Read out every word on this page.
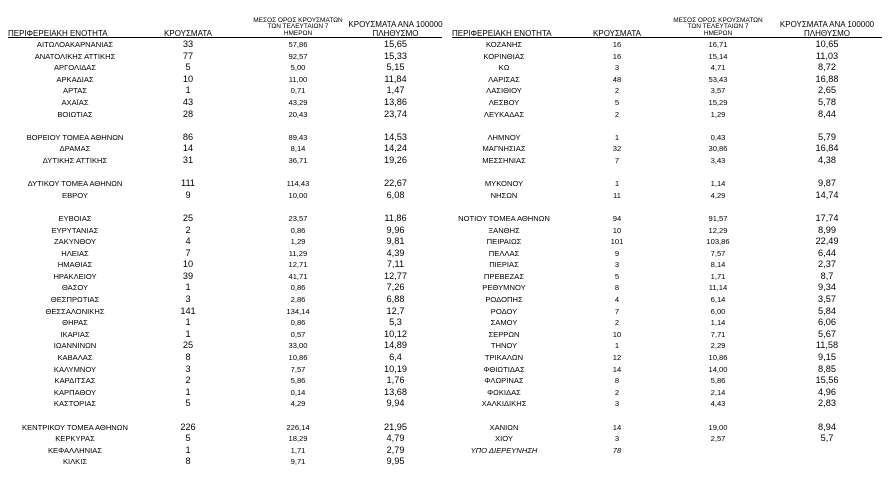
ΠΕΡΙΦΕΡΕΙΑΚΗ ΕΝΟΤΗΤΑ	ΚΡΟΥΣΜΑΤΑ
ΜΕΣΟΣ ΟΡΟΣ ΚΡΟΥΣΜΑΤΩΝ
ΤΩΝ ΤΕΛΕΥΤΑΙΩΝ 7
ΗΜΕΡΩΝ
ΚΡΟΥΣΜΑΤΑ ΑΝΑ 100000
ΠΛΗΘΥΣΜΟ
ΑΙΤΩΛΟΑΚΑΡΝΑΝΙΑΣ	33	57,86	15,65
ΑΝΑΤΟΛΙΚΗΣ ΑΤΤΙΚΗΣ	77	92,57	15,33
ΑΡΓΟΛΙΔΑΣ	5	5,00	5,15
ΑΡΚΑΔΙΑΣ	10	11,00	11,84
ΑΡΤΑΣ	1	0,71	1,47
ΑΧΑΪΑΣ	43	43,29	13,86
ΒΟΙΩΤΙΑΣ	28	20,43	23,74
ΒΟΡΕΙΟΥ ΤΟΜΕΑ ΑΘΗΝΩΝ	86	89,43	14,53
ΔΡΑΜΑΣ	14	8,14	14,24
ΔΥΤΙΚΗΣ ΑΤΤΙΚΗΣ	31	36,71	19,26
ΔΥΤΙΚΟΥ ΤΟΜΕΑ ΑΘΗΝΩΝ	111	114,43	22,67
ΕΒΡΟΥ	9	10,00	6,08
ΕΥΒΟΙΑΣ	25	23,57	11,86
ΕΥΡΥΤΑΝΙΑΣ	2	0,86	9,96
ΖΑΚΥΝΘΟΥ	4	1,29	9,81
ΗΛΕΙΑΣ	7	11,29	4,39
ΗΜΑΘΙΑΣ	10	12,71	7,11
ΗΡΑΚΛΕΙΟΥ	39	41,71	12,77
ΘΑΣΟΥ	1	0,86	7,26
ΘΕΣΠΡΩΤΙΑΣ	3	2,86	6,88
ΘΕΣΣΑΛΟΝΙΚΗΣ	141	134,14	12,7
ΘΗΡΑΣ	1	0,86	5,3
ΙΚΑΡΙΑΣ	1	0,57	10,12
ΙΩΑΝΝΙΝΩΝ	25	33,00	14,89
ΚΑΒΑΛΑΣ	8	10,86	6,4
ΚΑΛΥΜΝΟΥ	3	7,57	10,19
ΚΑΡΔΙΤΣΑΣ	2	5,86	1,76
ΚΑΡΠΑΘΟΥ	1	0,14	13,68
ΚΑΣΤΟΡΙΑΣ	5	4,29	9,94
ΚΕΝΤΡΙΚΟΥ ΤΟΜΕΑ ΑΘΗΝΩΝ	226	226,14	21,95
ΚΕΡΚΥΡΑΣ	5	18,29	4,79
ΚΕΦΑΛΛΗΝΙΑΣ	1	1,71	2,79
ΚΙΛΚΙΣ	8	9,71	9,95
ΠΕΡΙΦΕΡΕΙΑΚΗ ΕΝΟΤΗΤΑ	ΚΡΟΥΣΜΑΤΑ
ΜΕΣΟΣ ΟΡΟΣ ΚΡΟΥΣΜΑΤΩΝ
ΤΩΝ ΤΕΛΕΥΤΑΙΩΝ 7
ΗΜΕΡΩΝ
ΚΡΟΥΣΜΑΤΑ ΑΝΑ 100000
ΠΛΗΘΥΣΜΟ
ΚΟΖΑΝΗΣ	16	16,71	10,65
ΚΟΡΙΝΘΙΑΣ	16	15,14	11,03
ΚΩ	3	4,71	8,72
ΛΑΡΙΣΑΣ	48	53,43	16,88
ΛΑΣΙΘΙΟΥ	2	3,57	2,65
ΛΕΣΒΟΥ	5	15,29	5,78
ΛΕΥΚΑΔΑΣ	2	1,29	8,44
ΛΗΜΝΟΥ	1	0,43	5,79
ΜΑΓΝΗΣΙΑΣ	32	30,86	16,84
ΜΕΣΣΗΝΙΑΣ	7	3,43	4,38
ΜΥΚΟΝΟΥ	1	1,14	9,87
ΝΗΣΩΝ	11	4,29	14,74
ΝΟΤΙΟΥ ΤΟΜΕΑ ΑΘΗΝΩΝ	94	91,57	17,74
ΞΑΝΘΗΣ	10	12,29	8,99
ΠΕΙΡΑΙΩΣ	101	103,86	22,49
ΠΕΛΛΑΣ	9	7,57	6,44
ΠΙΕΡΙΑΣ	3	8,14	2,37
ΠΡΕΒΕΖΑΣ	5	1,71	8,7
ΡΕΘΥΜΝΟΥ	8	11,14	9,34
ΡΟΔΟΠΗΣ	4	6,14	3,57
ΡΟΔΟΥ	7	6,00	5,84
ΣΑΜΟΥ	2	1,14	6,06
ΣΕΡΡΩΝ	10	7,71	5,67
ΤΗΝΟΥ	1	2,29	11,58
ΤΡΙΚΑΛΩΝ	12	10,86	9,15
ΦΘΙΩΤΙΔΑΣ	14	14,00	8,85
ΦΛΩΡΙΝΑΣ	8	5,86	15,56
ΦΩΚΙΔΑΣ	2	2,14	4,96
ΧΑΛΚΙΔΙΚΗΣ	3	4,43	2,83
ΧΑΝΙΩΝ	14	19,00	8,94
ΧΙΟΥ	3	2,57	5,7
ΥΠΟ ΔΙΕΡΕΥΝΗΣΗ	78
